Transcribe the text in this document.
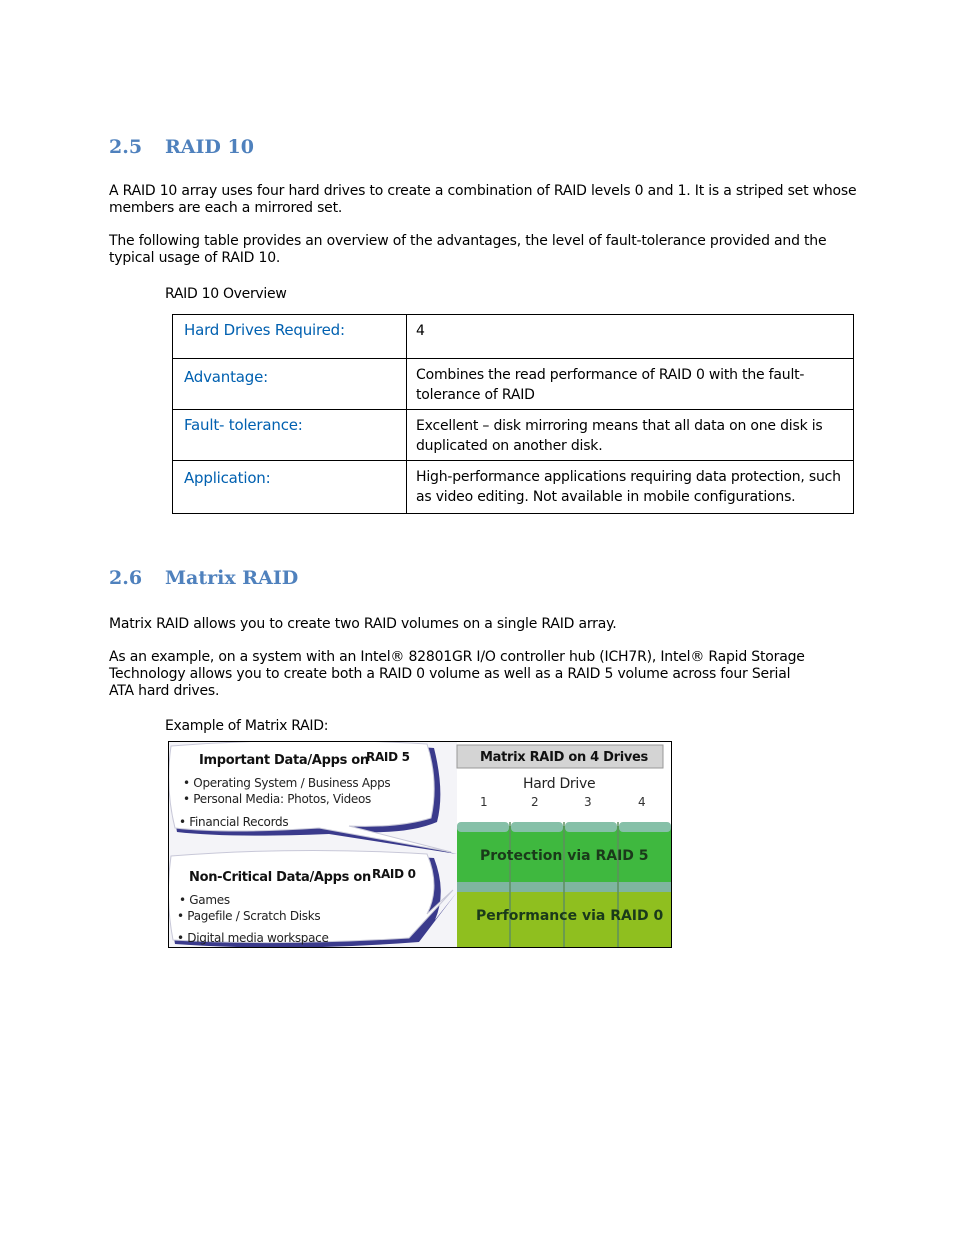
2.5 RAID 10

A RAID 10 array uses four hard drives to create a combination of RAID levels 0 and 1. It is a striped set whose members are each a mirrored set.

The following table provides an overview of the advantages, the level of fault-tolerance provided and the typical usage of RAID 10.

RAID 10 Overview

Hard Drives Required:	4
Advantage:	Combines the read performance of RAID 0 with the fault-tolerance of RAID
Fault- tolerance:	Excellent – disk mirroring means that all data on one disk is duplicated on another disk.
Application:	High-performance applications requiring data protection, such as video editing. Not available in mobile configurations.
2.6 Matrix RAID

Matrix RAID allows you to create two RAID volumes on a single RAID array.

As an example, on a system with an Intel® 82801GR I/O controller hub (ICH7R), Intel® Rapid Storage Technology allows you to create both a RAID 0 volume as well as a RAID 5 volume across four Serial ATA hard drives.

Example of Matrix RAID:

Important Data/Apps on
RAID 5
• Operating System / Business Apps
• Personal Media: Photos, Videos
• Financial Records
Non-Critical Data/Apps on RAID 0
• Games
• Pagefile / Scratch Disks
• Digital media workspace
Matrix RAID on 4 Drives
Hard Drive
1	2	3	4
Protection via RAID 5
Performance via RAID 0
